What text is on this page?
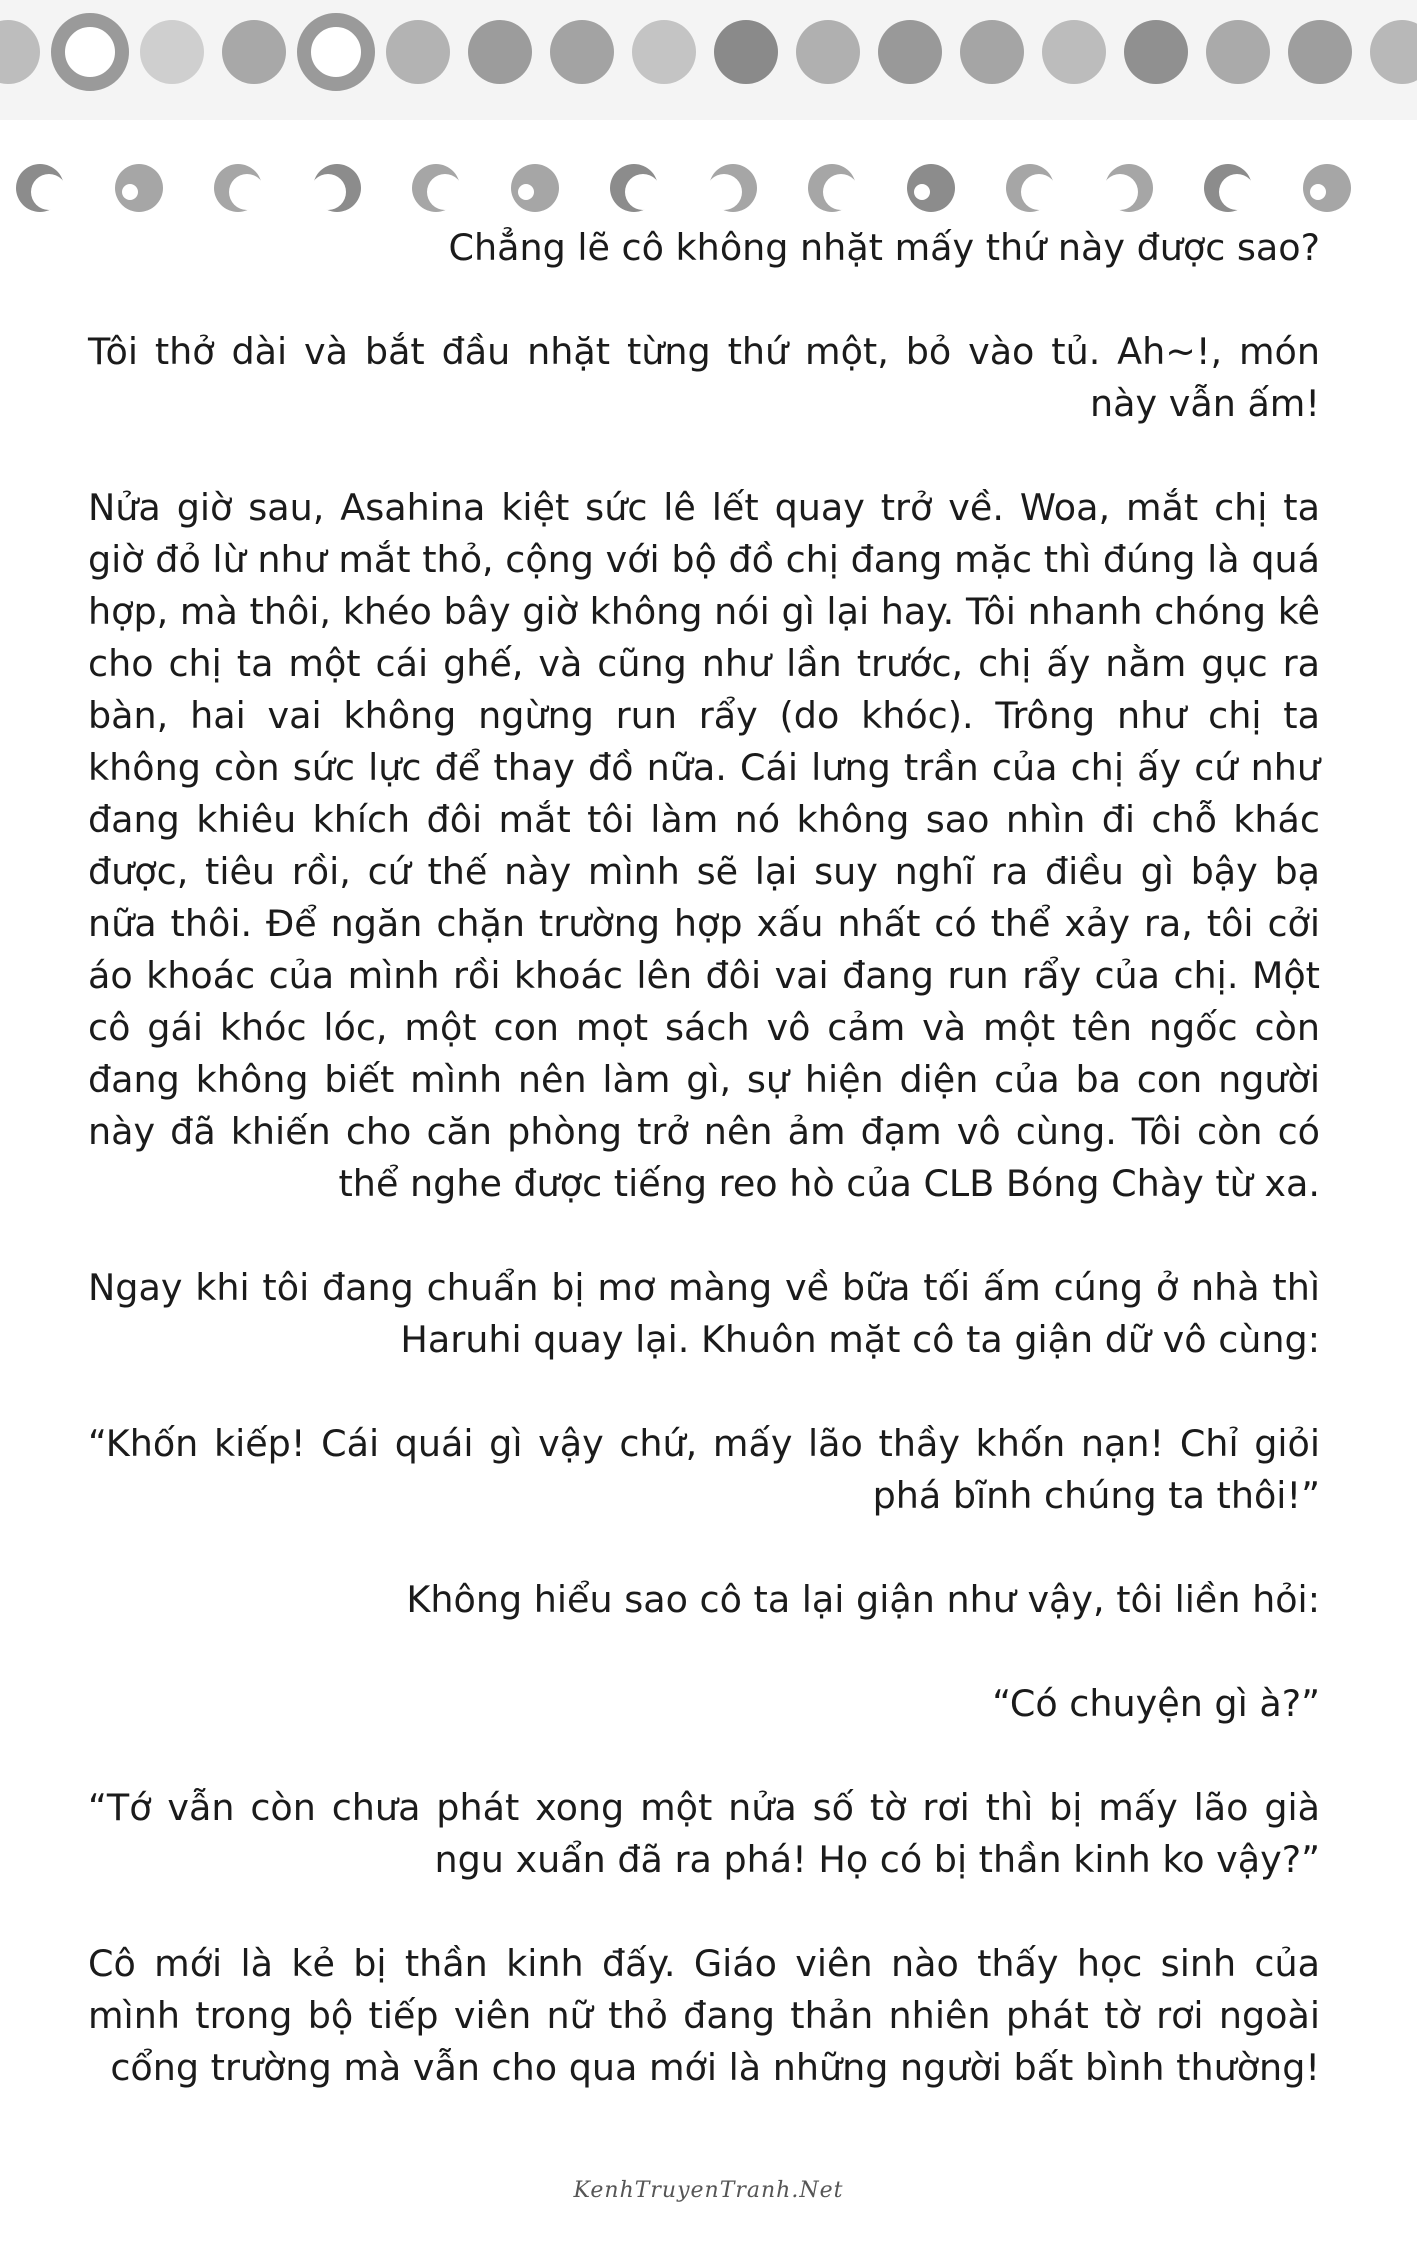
Chẳng lẽ cô không nhặt mấy thứ này được sao?

Tôi thở dài và bắt đầu nhặt từng thứ một, bỏ vào tủ. Ah~!, món này vẫn ấm!

Nửa giờ sau, Asahina kiệt sức lê lết quay trở về. Woa, mắt chị ta giờ đỏ lừ như mắt thỏ, cộng với bộ đồ chị đang mặc thì đúng là quá hợp, mà thôi, khéo bây giờ không nói gì lại hay. Tôi nhanh chóng kê cho chị ta một cái ghế, và cũng như lần trước, chị ấy nằm gục ra bàn, hai vai không ngừng run rẩy (do khóc). Trông như chị ta không còn sức lực để thay đồ nữa. Cái lưng trần của chị ấy cứ như đang khiêu khích đôi mắt tôi làm nó không sao nhìn đi chỗ khác được, tiêu rồi, cứ thế này mình sẽ lại suy nghĩ ra điều gì bậy bạ nữa thôi. Để ngăn chặn trường hợp xấu nhất có thể xảy ra, tôi cởi áo khoác của mình rồi khoác lên đôi vai đang run rẩy của chị. Một cô gái khóc lóc, một con mọt sách vô cảm và một tên ngốc còn đang không biết mình nên làm gì, sự hiện diện của ba con người này đã khiến cho căn phòng trở nên ảm đạm vô cùng. Tôi còn có thể nghe được tiếng reo hò của CLB Bóng Chày từ xa.

Ngay khi tôi đang chuẩn bị mơ màng về bữa tối ấm cúng ở nhà thì Haruhi quay lại. Khuôn mặt cô ta giận dữ vô cùng:

“Khốn kiếp! Cái quái gì vậy chứ, mấy lão thầy khốn nạn! Chỉ giỏi phá bĩnh chúng ta thôi!”

Không hiểu sao cô ta lại giận như vậy, tôi liền hỏi:

“Có chuyện gì à?”

“Tớ vẫn còn chưa phát xong một nửa số tờ rơi thì bị mấy lão già ngu xuẩn đã ra phá! Họ có bị thần kinh ko vậy?”

Cô mới là kẻ bị thần kinh đấy. Giáo viên nào thấy học sinh của mình trong bộ tiếp viên nữ thỏ đang thản nhiên phát tờ rơi ngoài cổng trường mà vẫn cho qua mới là những người bất bình thường!

KenhTruyenTranh.Net
